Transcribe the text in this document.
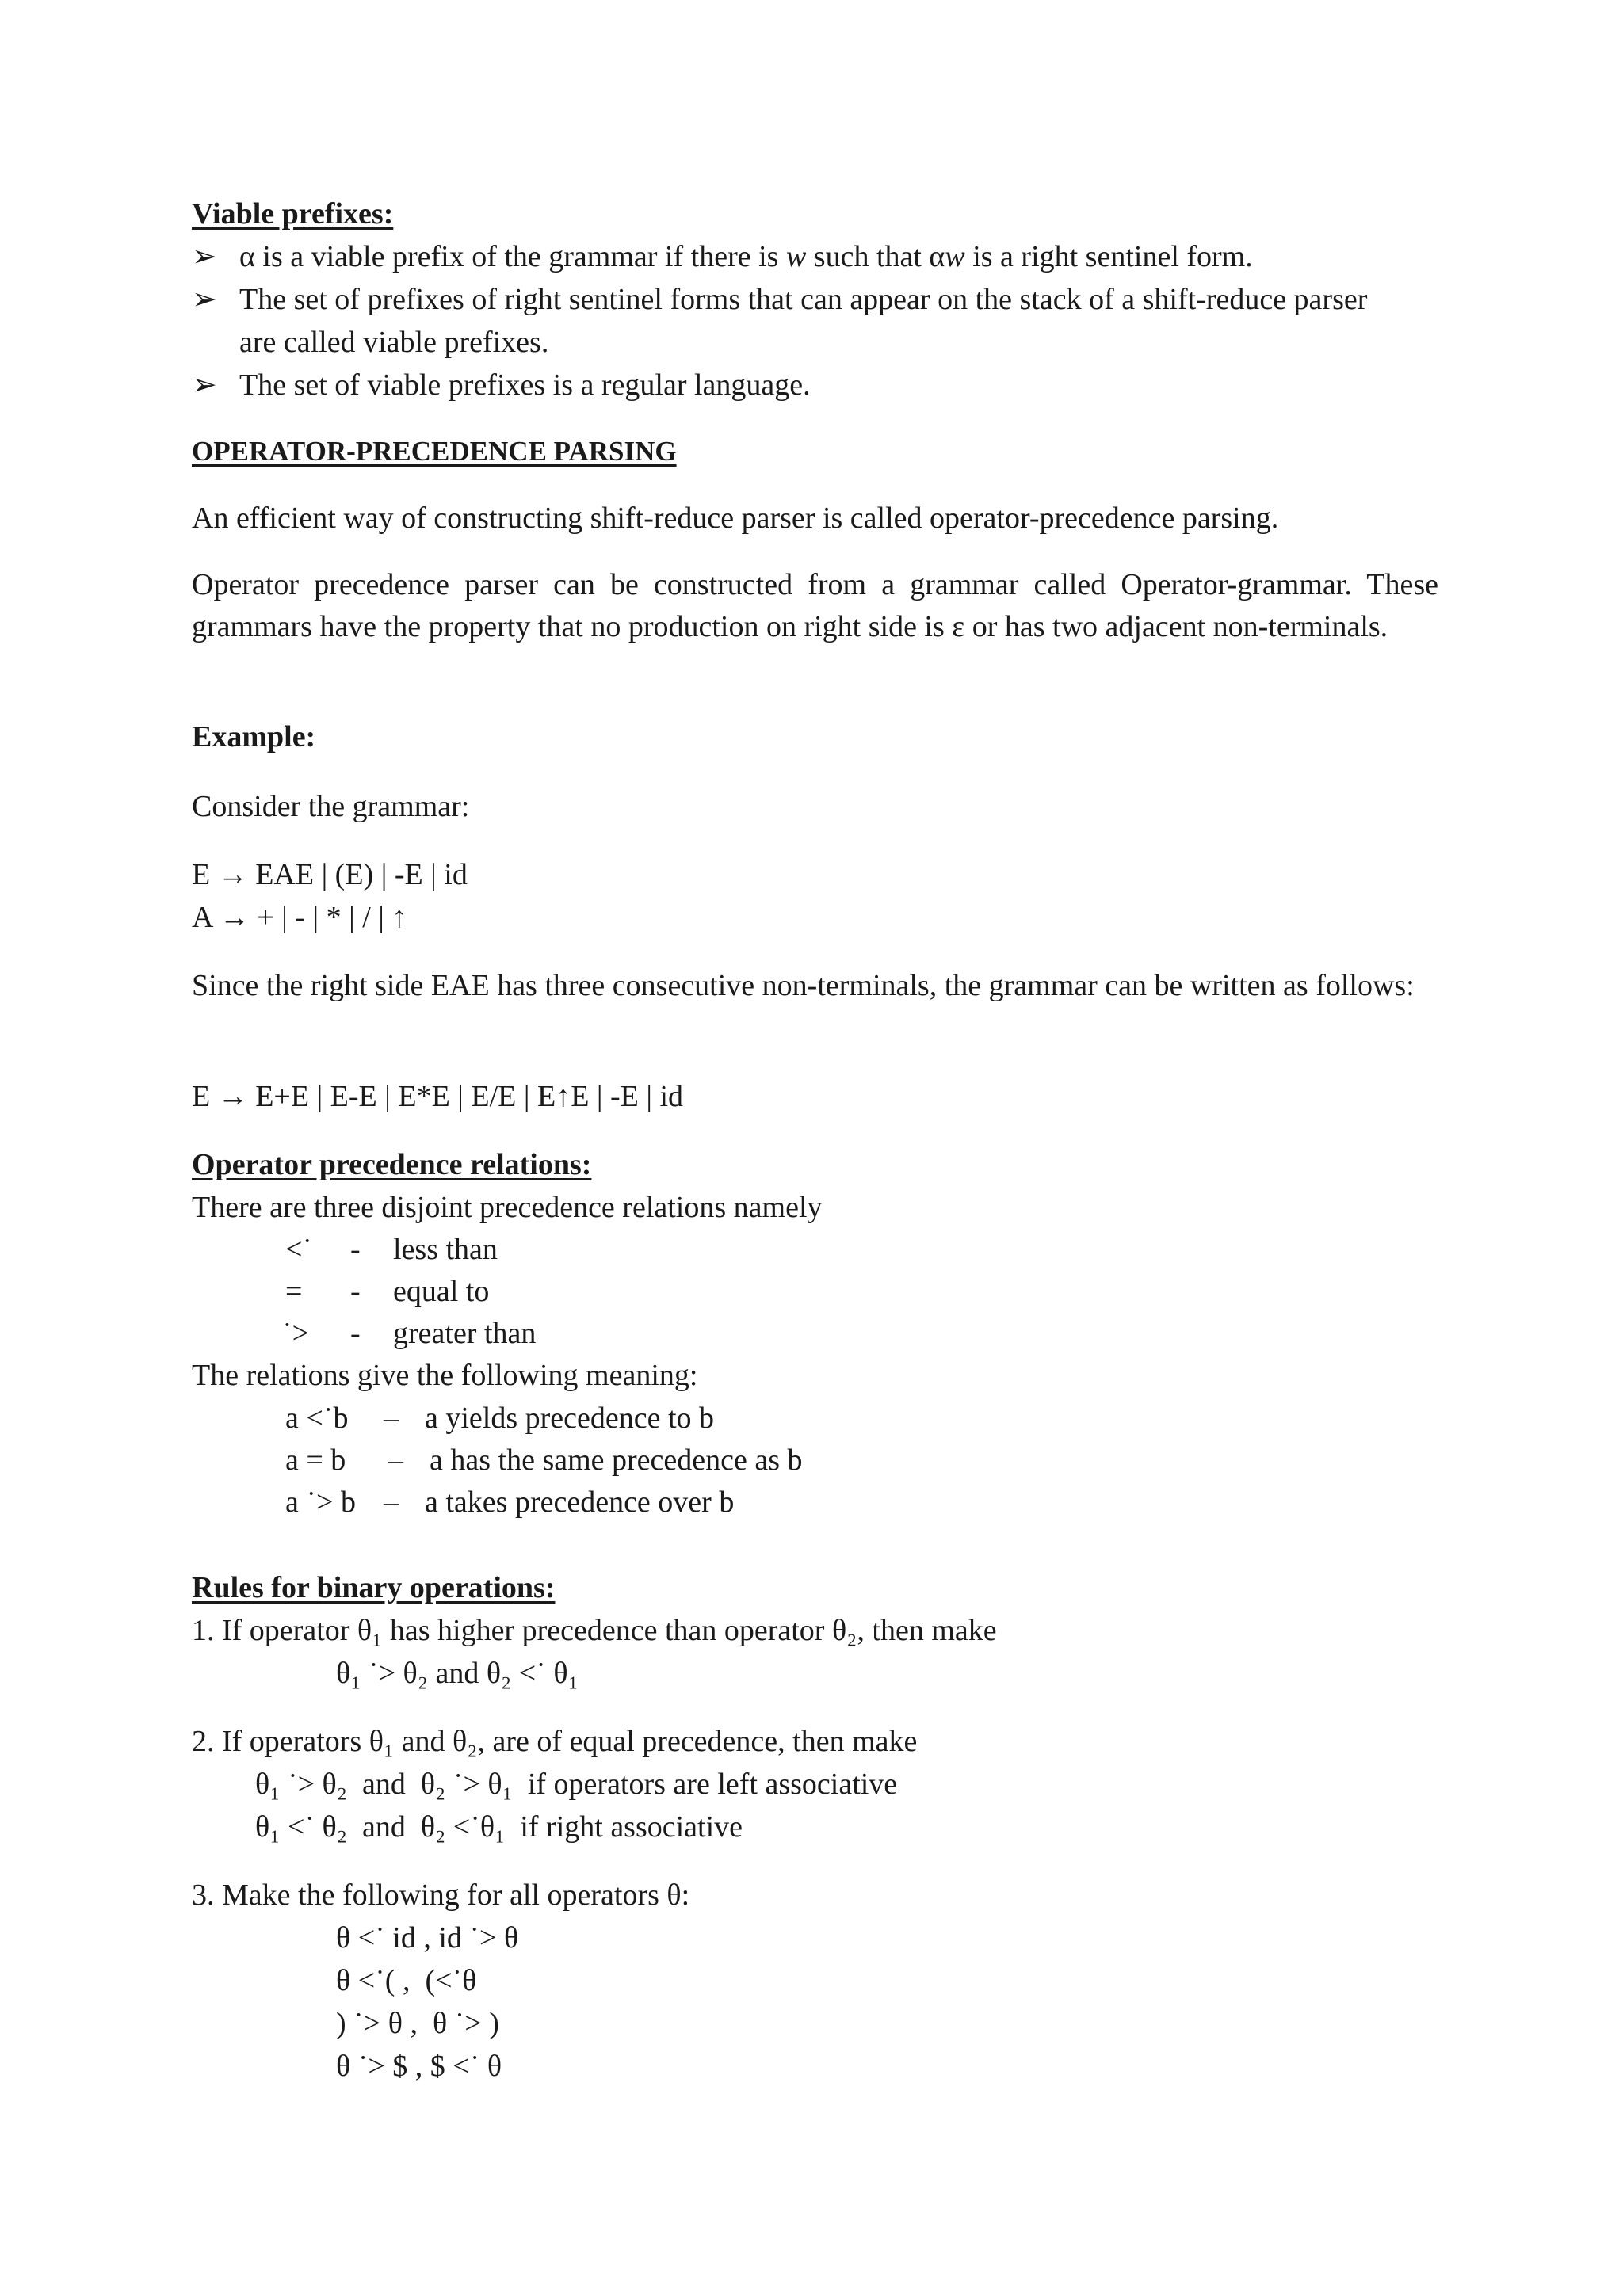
Viable prefixes:
➢ α is a viable prefix of the grammar if there is w such that αw is a right sentinel form.
➢ The set of prefixes of right sentinel forms that can appear on the stack of a shift-reduce parser
are called viable prefixes.
➢ The set of viable prefixes is a regular language.
OPERATOR-PRECEDENCE PARSING
An efficient way of constructing shift-reduce parser is called operator-precedence parsing.
Operator precedence parser can be constructed from a grammar called Operator-grammar. These grammars have the property that no production on right side is ε or has two adjacent non-terminals.
Example:
Consider the grammar:
E → EAE | (E) | -E | id
A → + | - | * | / | ↑
Since the right side EAE has three consecutive non-terminals, the grammar can be written as follows:
E → E+E | E-E | E*E | E/E | E↑E | -E | id
Operator precedence relations:
There are three disjoint precedence relations namely
<˙ - less than
= - equal to
˙> - greater than
The relations give the following meaning:
a <˙b – a yields precedence to b
a = b – a has the same precedence as b
a ˙> b – a takes precedence over b
Rules for binary operations:
1. If operator θ₁ has higher precedence than operator θ₂, then make
θ₁ ˙> θ₂ and θ₂ <˙ θ₁
2. If operators θ₁ and θ₂, are of equal precedence, then make
θ₁ ˙> θ₂  and  θ₂ ˙> θ₁  if operators are left associative
θ₁ <˙ θ₂  and  θ₂ <˙θ₁  if right associative
3. Make the following for all operators θ:
θ <˙ id , id ˙> θ
θ <˙( ,  (<˙θ
) ˙> θ ,  θ ˙> )
θ ˙> $ , $ <˙ θ
